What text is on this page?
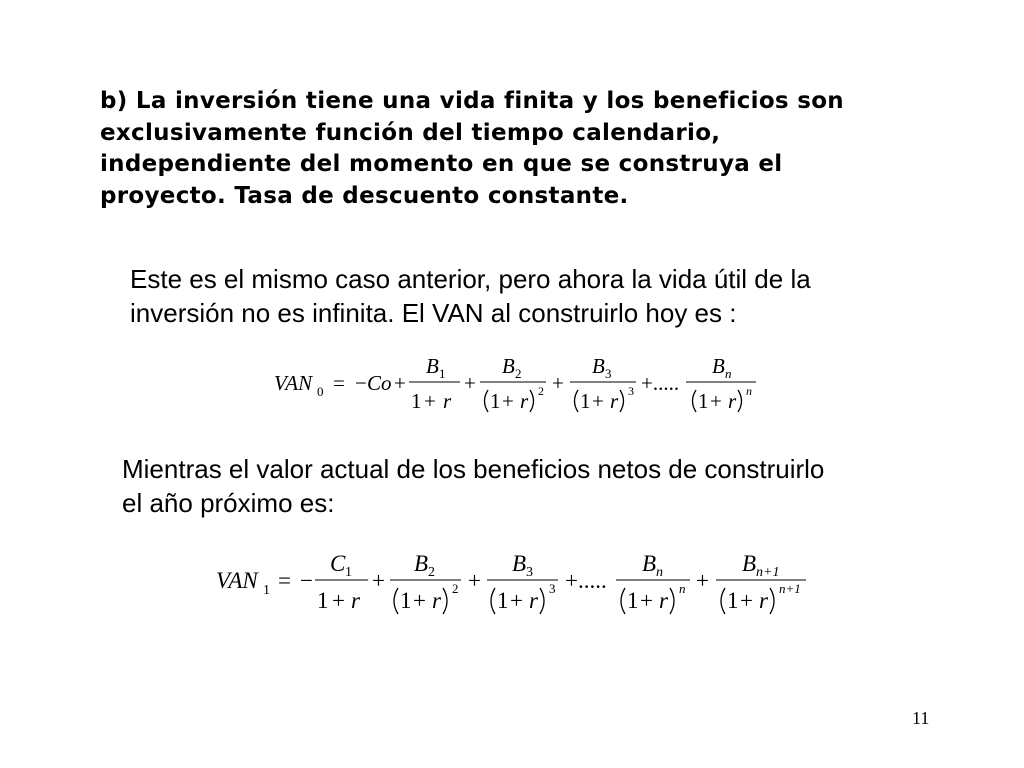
b) La inversión tiene una vida finita y los beneficios son
exclusivamente función del tiempo calendario,
independiente del momento en que se construya el
proyecto. Tasa de descuento constante.
Este es el mismo caso anterior, pero ahora la vida útil de la
inversión no es infinita. El VAN al construirlo hoy es :
Mientras el valor actual de los beneficios netos de construirlo
el año próximo es:
VAN 0 = − Co +
B 1
1 + r
+
B 2
1 + r 2 +
B 3
1 + r 3 +.....
B n
1 + r n
VAN 1 = −
C 1
1 + r
+
B 2
1 + r 2 +
B 3
1 + r 3 +.....
B n
1 + r n +
B n+1
1 + r n+1
11
